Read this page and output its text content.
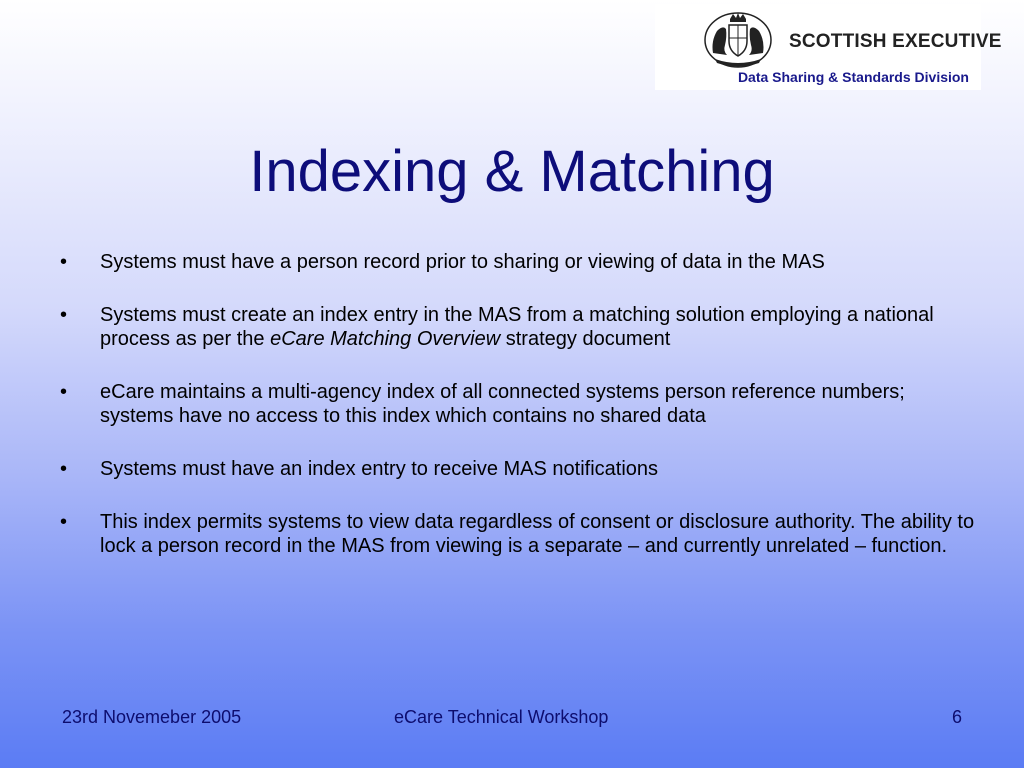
SCOTTISH EXECUTIVE
Data Sharing & Standards Division
Indexing & Matching
• Systems must have a person record prior to sharing or viewing of data in the MAS
• Systems must create an index entry in the MAS from a matching solution employing a national process as per the eCare Matching Overview strategy document
• eCare maintains a multi-agency index of all connected systems person reference numbers; systems have no access to this index which contains no shared data
• Systems must have an index entry to receive MAS notifications
• This index permits systems to view data regardless of consent or disclosure authority. The ability to lock a person record in the MAS from viewing is a separate – and currently unrelated – function.
23rd Novemeber 2005	eCare Technical Workshop	6
